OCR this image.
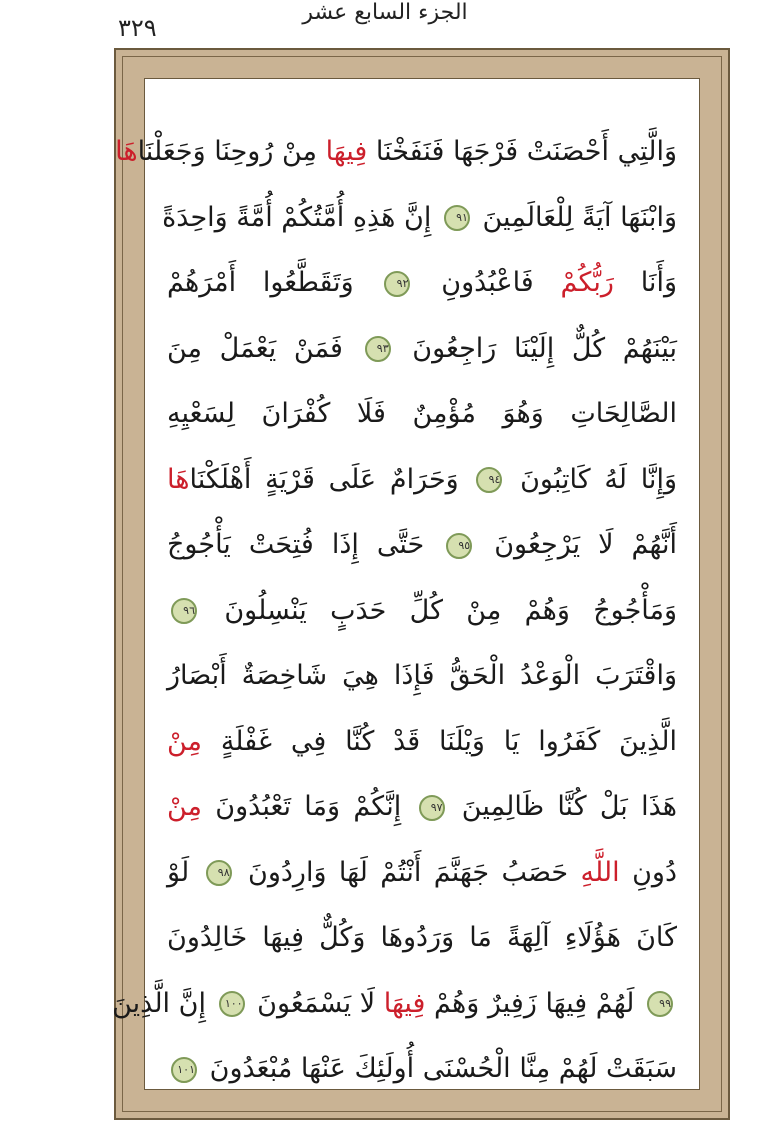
٣٢٩
الجزء السابع عشر
وَالَّتِي أَحْصَنَتْ فَرْجَهَا فَنَفَخْنَا فِيهَا مِنْ رُوحِنَا وَجَعَلْنَاهَا
وَابْنَهَا آيَةً لِلْعَالَمِينَ ٩١ إِنَّ هَذِهِ أُمَّتُكُمْ أُمَّةً وَاحِدَةً
وَأَنَا رَبُّكُمْ فَاعْبُدُونِ ٩٢ وَتَقَطَّعُوا أَمْرَهُمْ
بَيْنَهُمْ كُلٌّ إِلَيْنَا رَاجِعُونَ ٩٣ فَمَنْ يَعْمَلْ مِنَ
الصَّالِحَاتِ وَهُوَ مُؤْمِنٌ فَلَا كُفْرَانَ لِسَعْيِهِ
وَإِنَّا لَهُ كَاتِبُونَ ٩٤ وَحَرَامٌ عَلَى قَرْيَةٍ أَهْلَكْنَاهَا
أَنَّهُمْ لَا يَرْجِعُونَ ٩٥ حَتَّى إِذَا فُتِحَتْ يَأْجُوجُ
وَمَأْجُوجُ وَهُمْ مِنْ كُلِّ حَدَبٍ يَنْسِلُونَ ٩٦
وَاقْتَرَبَ الْوَعْدُ الْحَقُّ فَإِذَا هِيَ شَاخِصَةٌ أَبْصَارُ
الَّذِينَ كَفَرُوا يَا وَيْلَنَا قَدْ كُنَّا فِي غَفْلَةٍ مِنْ
هَذَا بَلْ كُنَّا ظَالِمِينَ ٩٧ إِنَّكُمْ وَمَا تَعْبُدُونَ مِنْ
دُونِ اللَّهِ حَصَبُ جَهَنَّمَ أَنْتُمْ لَهَا وَارِدُونَ ٩٨ لَوْ
كَانَ هَؤُلَاءِ آلِهَةً مَا وَرَدُوهَا وَكُلٌّ فِيهَا خَالِدُونَ
٩٩ لَهُمْ فِيهَا زَفِيرٌ وَهُمْ فِيهَا لَا يَسْمَعُونَ ١٠٠ إِنَّ الَّذِينَ
سَبَقَتْ لَهُمْ مِنَّا الْحُسْنَى أُولَئِكَ عَنْهَا مُبْعَدُونَ ١٠١
